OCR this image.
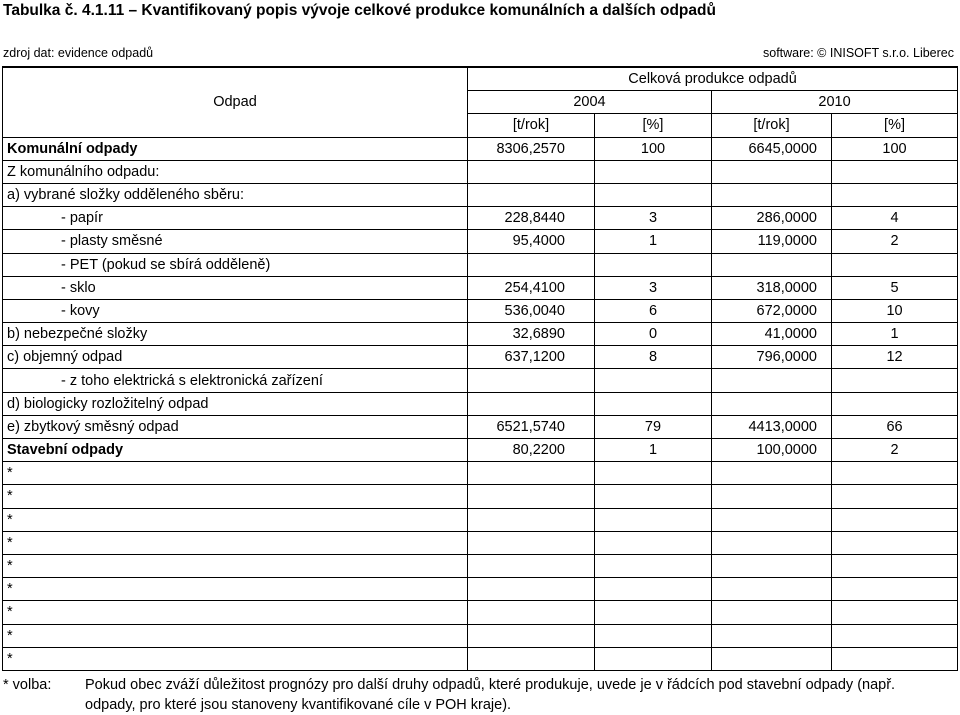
Tabulka č. 4.1.11 – Kvantifikovaný popis vývoje celkové produkce komunálních a dalších odpadů
zdroj dat: evidence odpadů	software: © INISOFT s.r.o. Liberec
Odpad	Celková produkce odpadů			
	2004		2010	
	[t/rok]	[%]	[t/rok]	[%]
Komunální odpady	8306,2570	100	6645,0000	100
Z komunálního odpadu:				
a) vybrané složky odděleného sběru:				
- papír	228,8440	3	286,0000	4
- plasty směsné	95,4000	1	119,0000	2
- PET (pokud se sbírá odděleně)				
- sklo	254,4100	3	318,0000	5
- kovy	536,0040	6	672,0000	10
b) nebezpečné složky	32,6890	0	41,0000	1
c) objemný odpad	637,1200	8	796,0000	12
- z toho elektrická s elektronická zařízení				
d) biologicky rozložitelný odpad				
e) zbytkový směsný odpad	6521,5740	79	4413,0000	66
Stavební odpady	80,2200	1	100,0000	2
*				
*				
*				
*				
*				
*				
*				
*				
*				
* volba: Pokud obec zváží důležitost prognózy pro další druhy odpadů, které produkuje, uvede je v řádcích pod stavební odpady (např. odpady, pro které jsou stanoveny kvantifikované cíle v POH kraje).
